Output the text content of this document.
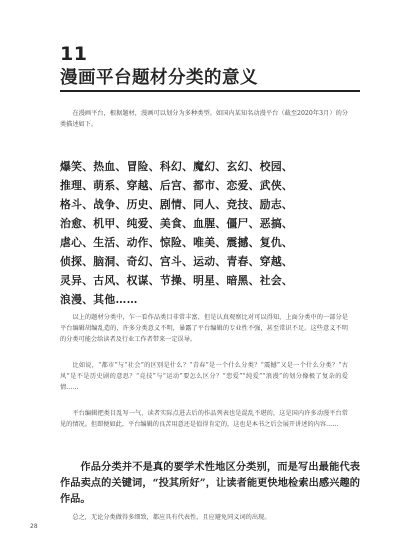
11
漫画平台题材分类的意义

在漫画平台，根据题材，漫画可以划分为多种类型。如国内某知名动漫平台（截至2020年3月）的分类描述如下。

爆笑、热血、冒险、科幻、魔幻、玄幻、校园、
推理、萌系、穿越、后宫、都市、恋爱、武侠、
格斗、战争、历史、剧情、同人、竞技、励志、
治愈、机甲、纯爱、美食、血腥、僵尸、恶搞、
虐心、生活、动作、惊险、唯美、震撼、复仇、
侦探、脑洞、奇幻、宫斗、运动、青春、穿越、
灵异、古风、权谋、节操、明星、暗黑、社会、
浪漫、其他……

以上的题材分类中，乍一看作品类目非常丰富，但是认真观察比对可以得知，上面分类中的一部分是平台编辑胡编乱造的，许多分类意义不明，暴露了平台编辑的专业性不强，甚至常识不足。这些意义不明的分类可能会给读者及行业工作者带来一定误导。

比如说，“都市”与“社会”的区别是什么？“青春”是一个什么分类？“震撼”又是一个什么分类？“古风”是不是历史剧的意思？“竞技”与“运动”要怎么区分？“恋爱”“纯爱”“浪漫”的划分像极了复杂的爱情……

平台编辑把类目乱写一气，读者实际点进去后的作品列表也是混乱不堪的，这是国内许多动漫平台常见的情况。但即便如此，平台编辑的良苦用意还是值得肯定的，这也是本书之后会展开讲述的内容……

作品分类并不是真的要学术性地区分类别，而是写出最能代表作品卖点的关键词，“投其所好”，让读者能更快地检索出感兴趣的作品。

总之，无论分类做得多细致，都应具有代表性，且应避免同义词的出现。

28
